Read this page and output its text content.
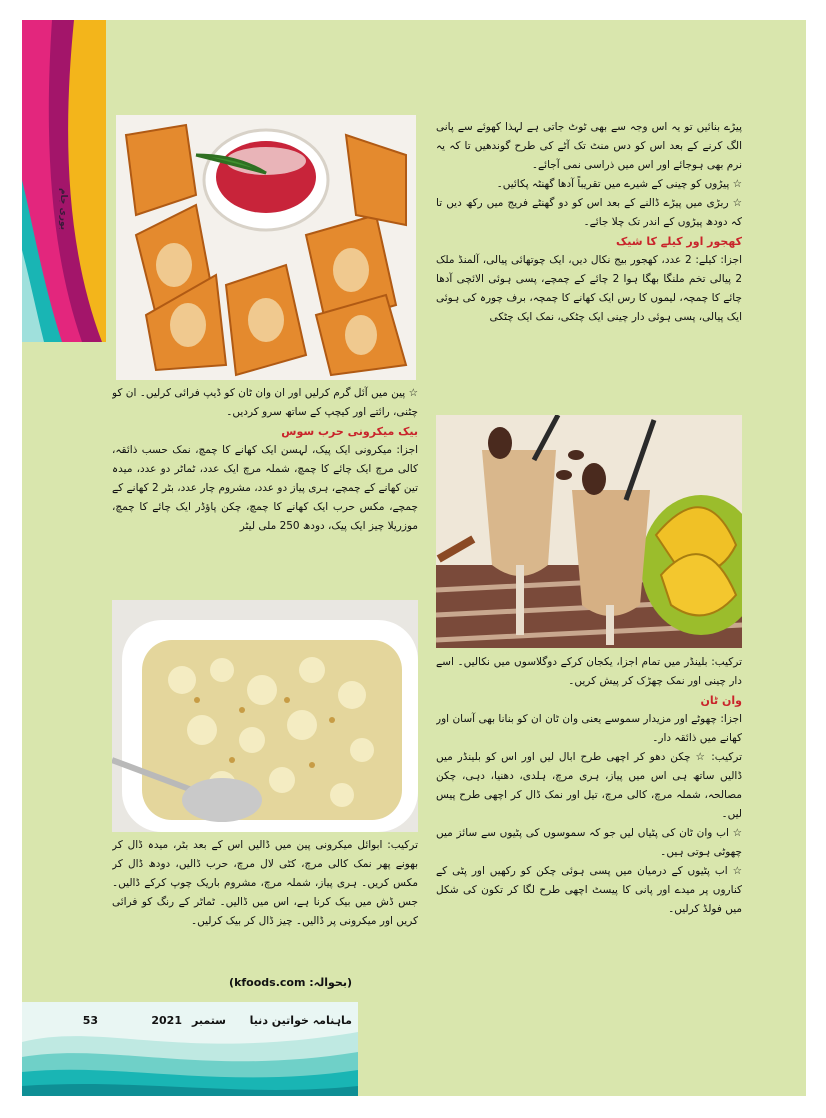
بوری جام

پیڑے بنائیں تو یہ اس وجہ سے بھی ٹوٹ جاتی ہے لہذا کھوئے سے پانی الگ کرنے کے بعد اس کو دس منٹ تک آٹے کی طرح گوندھیں تا کہ یہ نرم بھی ہوجائے اور اس میں ذراسی نمی آجائے۔

☆ پیڑوں کو چینی کے شیرے میں تقریباً آدھا گھنٹہ پکائیں۔

☆ ربڑی میں پیڑے ڈالنے کے بعد اس کو دو گھنٹے فریج میں رکھ دیں تا کہ دودھ پیڑوں کے اندر تک چلا جائے۔

کھجور اور کیلے کا شیک

اجزا: کیلے: 2 عدد، کھجور بیج نکال دیں، ایک چوتھائی پیالی، آلمنڈ ملک 2 پیالی تخم ملنگا بھگا ہوا 2 چائے کے چمچے، پسی ہوئی الائچی آدھا چائے کا چمچہ، لیموں کا رس ایک کھانے کا چمچہ، برف چورہ کی ہوئی ایک پیالی، پسی ہوئی دار چینی ایک چٹکی، نمک ایک چٹکی

ترکیب: بلینڈر میں تمام اجزا، یکجان کرکے دوگلاسوں میں نکالیں۔ اسے دار چینی اور نمک چھڑک کر پیش کریں۔

وان ٹان

اجزا: چھوٹے اور مزیدار سموسے یعنی وان ٹان ان کو بنانا بھی آسان اور کھانے میں ذائقہ دار۔

ترکیب: ☆ چکن دھو کر اچھی طرح ابال لیں اور اس کو بلینڈر میں ڈالیں ساتھ ہی اس میں پیاز، ہری مرچ، ہلدی، دھنیا، دہی، چکن مصالحہ، شملہ مرچ، کالی مرچ، تیل اور نمک ڈال کر اچھی طرح پیس لیں۔

☆ اب وان ٹان کی پٹیاں لیں جو کہ سموسوں کی پٹیوں سے سائز میں چھوٹی ہوتی ہیں۔

☆ اب پٹیوں کے درمیان میں پسی ہوئی چکن کو رکھیں اور پٹی کے کناروں پر میدے اور پانی کا پیسٹ اچھی طرح لگا کر تکون کی شکل میں فولڈ کرلیں۔

☆ پین میں آئل گرم کرلیں اور ان وان ٹان کو ڈیپ فرائی کرلیں۔ ان کو چٹنی، رائتے اور کیچپ کے ساتھ سرو کردیں۔

بیک میکرونی حرب سوس

اجزا: میکرونی ایک پیک، لہسن ایک کھانے کا چمچ، نمک حسب ذائقہ، کالی مرچ ایک چائے کا چمچ، شملہ مرچ ایک عدد، ٹماٹر دو عدد، میدہ تین کھانے کے چمچے، ہری پیاز دو عدد، مشروم چار عدد، بٹر 2 کھانے کے چمچے، مکس حرب ایک کھانے کا چمچ، چکن پاؤڈر ایک چائے کا چمچ، موزریلا چیز ایک پیک، دودھ 250 ملی لیٹر

ترکیب: ابوائل میکرونی پین میں ڈالیں اس کے بعد بٹر، میدہ ڈال کر بھونے پھر نمک کالی مرچ، کٹی لال مرچ، حرب ڈالیں، دودھ ڈال کر مکس کریں۔ ہری پیاز، شملہ مرچ، مشروم باریک چوپ کرکے ڈالیں۔ جس ڈش میں بیک کرنا ہے، اس میں ڈالیں۔ ٹماٹر کے رنگ کو فرائی کریں اور میکرونی پر ڈالیں۔ چیز ڈال کر بیک کرلیں۔

(بحوالہ: kfoods.com)
ماہنامہ خواتین دنیا
ستمبر
2021
53
